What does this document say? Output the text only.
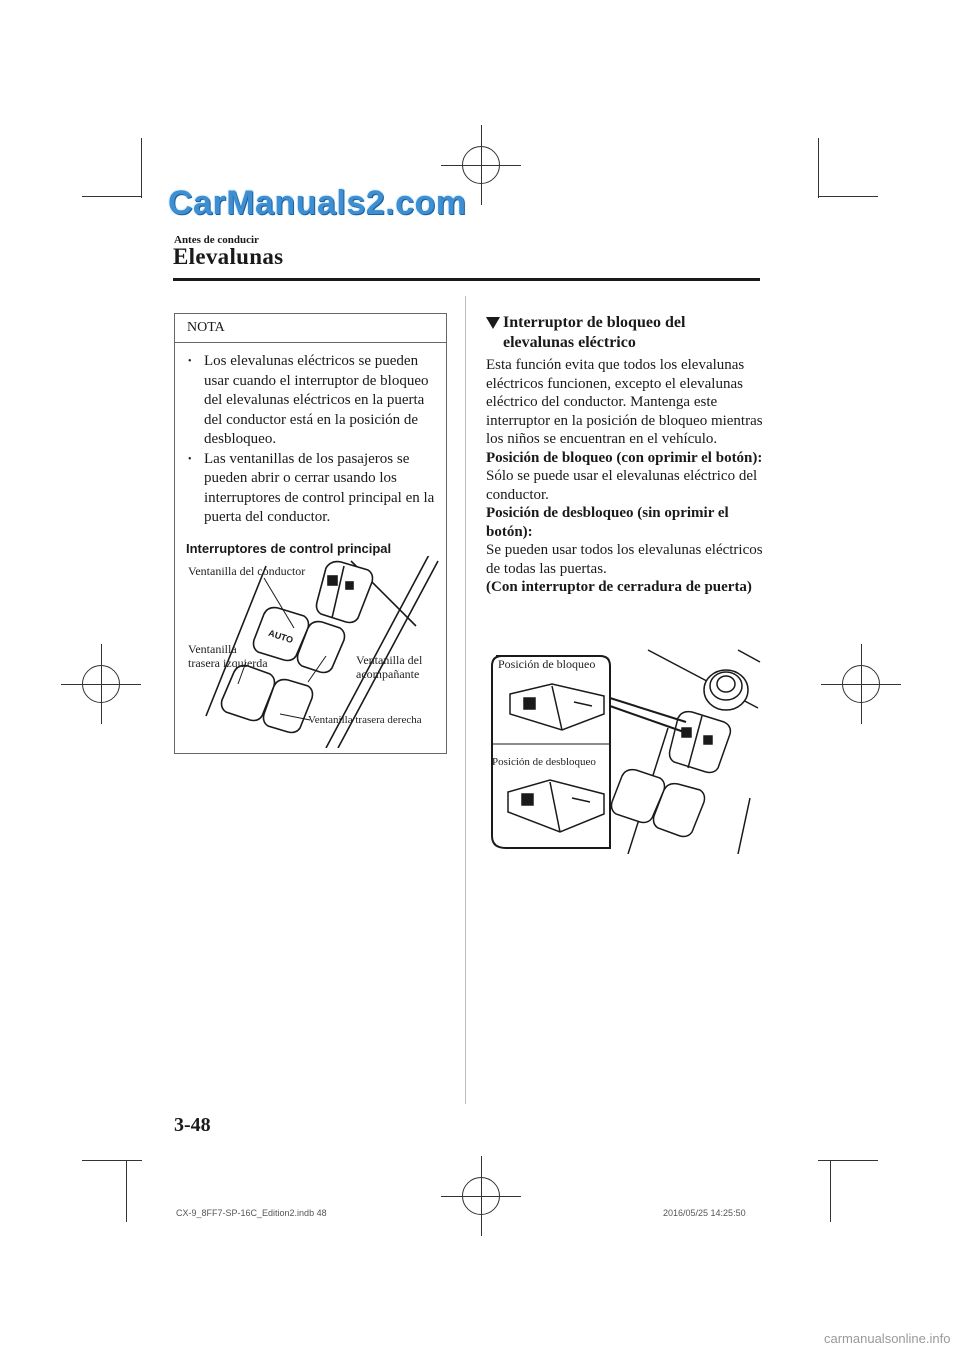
CarManuals2.com
Antes de conducir
Elevalunas
NOTA
• Los elevalunas eléctricos se pueden usar cuando el interruptor de bloqueo del elevalunas eléctricos en la puerta del conductor está en la posición de desbloqueo.
• Las ventanillas de los pasajeros se pueden abrir o cerrar usando los interruptores de control principal en la puerta del conductor.
Interruptores de control principal
AUTO
Ventanilla del conductor
Ventanilla
trasera izquierda	Ventanilla del
acompañante
Ventanilla trasera derecha
Interruptor de bloqueo del elevalunas eléctrico

Esta función evita que todos los elevalunas eléctricos funcionen, excepto el elevalunas eléctrico del conductor. Mantenga este interruptor en la posición de bloqueo mientras los niños se encuentran en el vehículo.

Posición de bloqueo (con oprimir el botón):

Sólo se puede usar el elevalunas eléctrico del conductor.

Posición de desbloqueo (sin oprimir el botón):

Se pueden usar todos los elevalunas eléctricos de todas las puertas.

(Con interruptor de cerradura de puerta)

Posición de bloqueo
Posición de desbloqueo
3-48
CX-9_8FF7-SP-16C_Edition2.indb 48	2016/05/25 14:25:50
carmanualsonline.info
